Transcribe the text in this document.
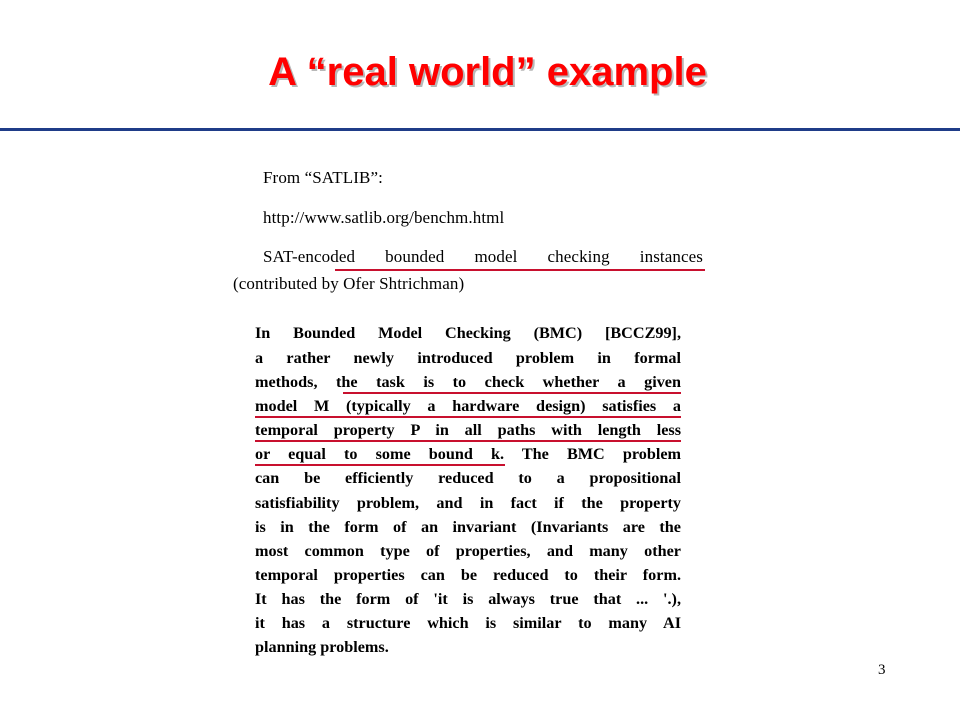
A “real world” example
From “SATLIB”:
http://www.satlib.org/benchm.html
SAT-encoded bounded model checking instances
(contributed by Ofer Shtrichman)
In Bounded Model Checking (BMC) [BCCZ99],
a rather newly introduced problem in formal
methods, the task is to check whether a given
model M (typically a hardware design) satisfies a
temporal property P in all paths with length less
or equal to some bound k. The BMC problem
can be efficiently reduced to a propositional
satisfiability problem, and in fact if the property
is in the form of an invariant (Invariants are the
most common type of properties, and many other
temporal properties can be reduced to their form.
It has the form of 'it is always true that ... '.),
it has a structure which is similar to many AI
planning problems.
3
